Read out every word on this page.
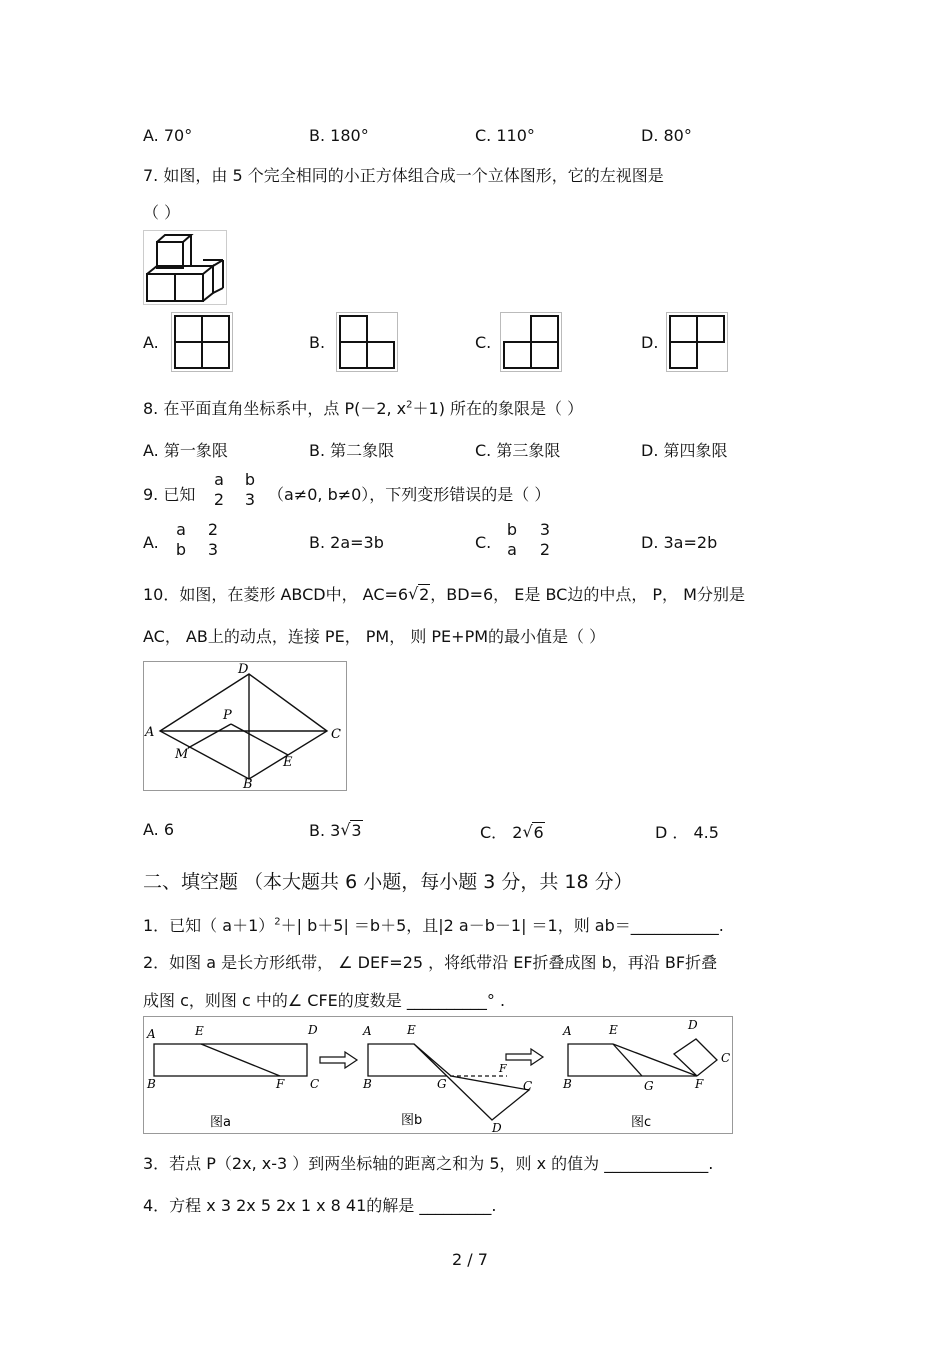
A. 70°	B. 180°	C. 110°	D. 80°
7. 如图，由 5 个完全相同的小正方体组合成一个立体图形，它的左视图是
（ ）
A.	B.	C.	D.
8. 在平面直角坐标系中，点 P(－2, $x^2+1$) 所在的象限是（ ）
A. 第一象限	B. 第二象限	C. 第三象限	D. 第四象限
9. 已知
a
2
b
3 （a≠0, b≠0），下列变形错误的是（ ）
A.
a
b
2
3	B. 2a=3b	C.
b
a
3
2	D. 3a=2b
10．如图，在菱形 ABCD中， AC=6 √ 2，BD=6， E是 BC边的中点， P， M分别是
AC， AB上的动点，连接 PE， PM， 则 PE+PM的最小值是（ ）
D
A	C
P
M
E
B
A. 6	B. 3 √ 3	C． 2 √ 6	D ． 4.5
二、填空题 （本大题共 6 小题，每小题 3 分，共 18 分）
1．已知（ a＋1）$^2$＋| b＋5| ＝b＋5，且|2 a－b－1| ＝1，则 ab＝___________.
2．如图 a 是长方形纸带， ∠ DEF=25 ，将纸带沿 EF折叠成图 b，再沿 BF折叠
成图 c，则图 c 中的∠ CFE的度数是 __________° .
A	E	D
B	F C
图a
A	E
B	G
F
C
D
图b
A	E	D
C
B	G	F
图c
3．若点 P（2x, x-3 ）到两坐标轴的距离之和为 5，则 x 的值为 _____________.
4．方程 x 3 2x 5 2x 1 x 8 41的解是 _________.
2 / 7
